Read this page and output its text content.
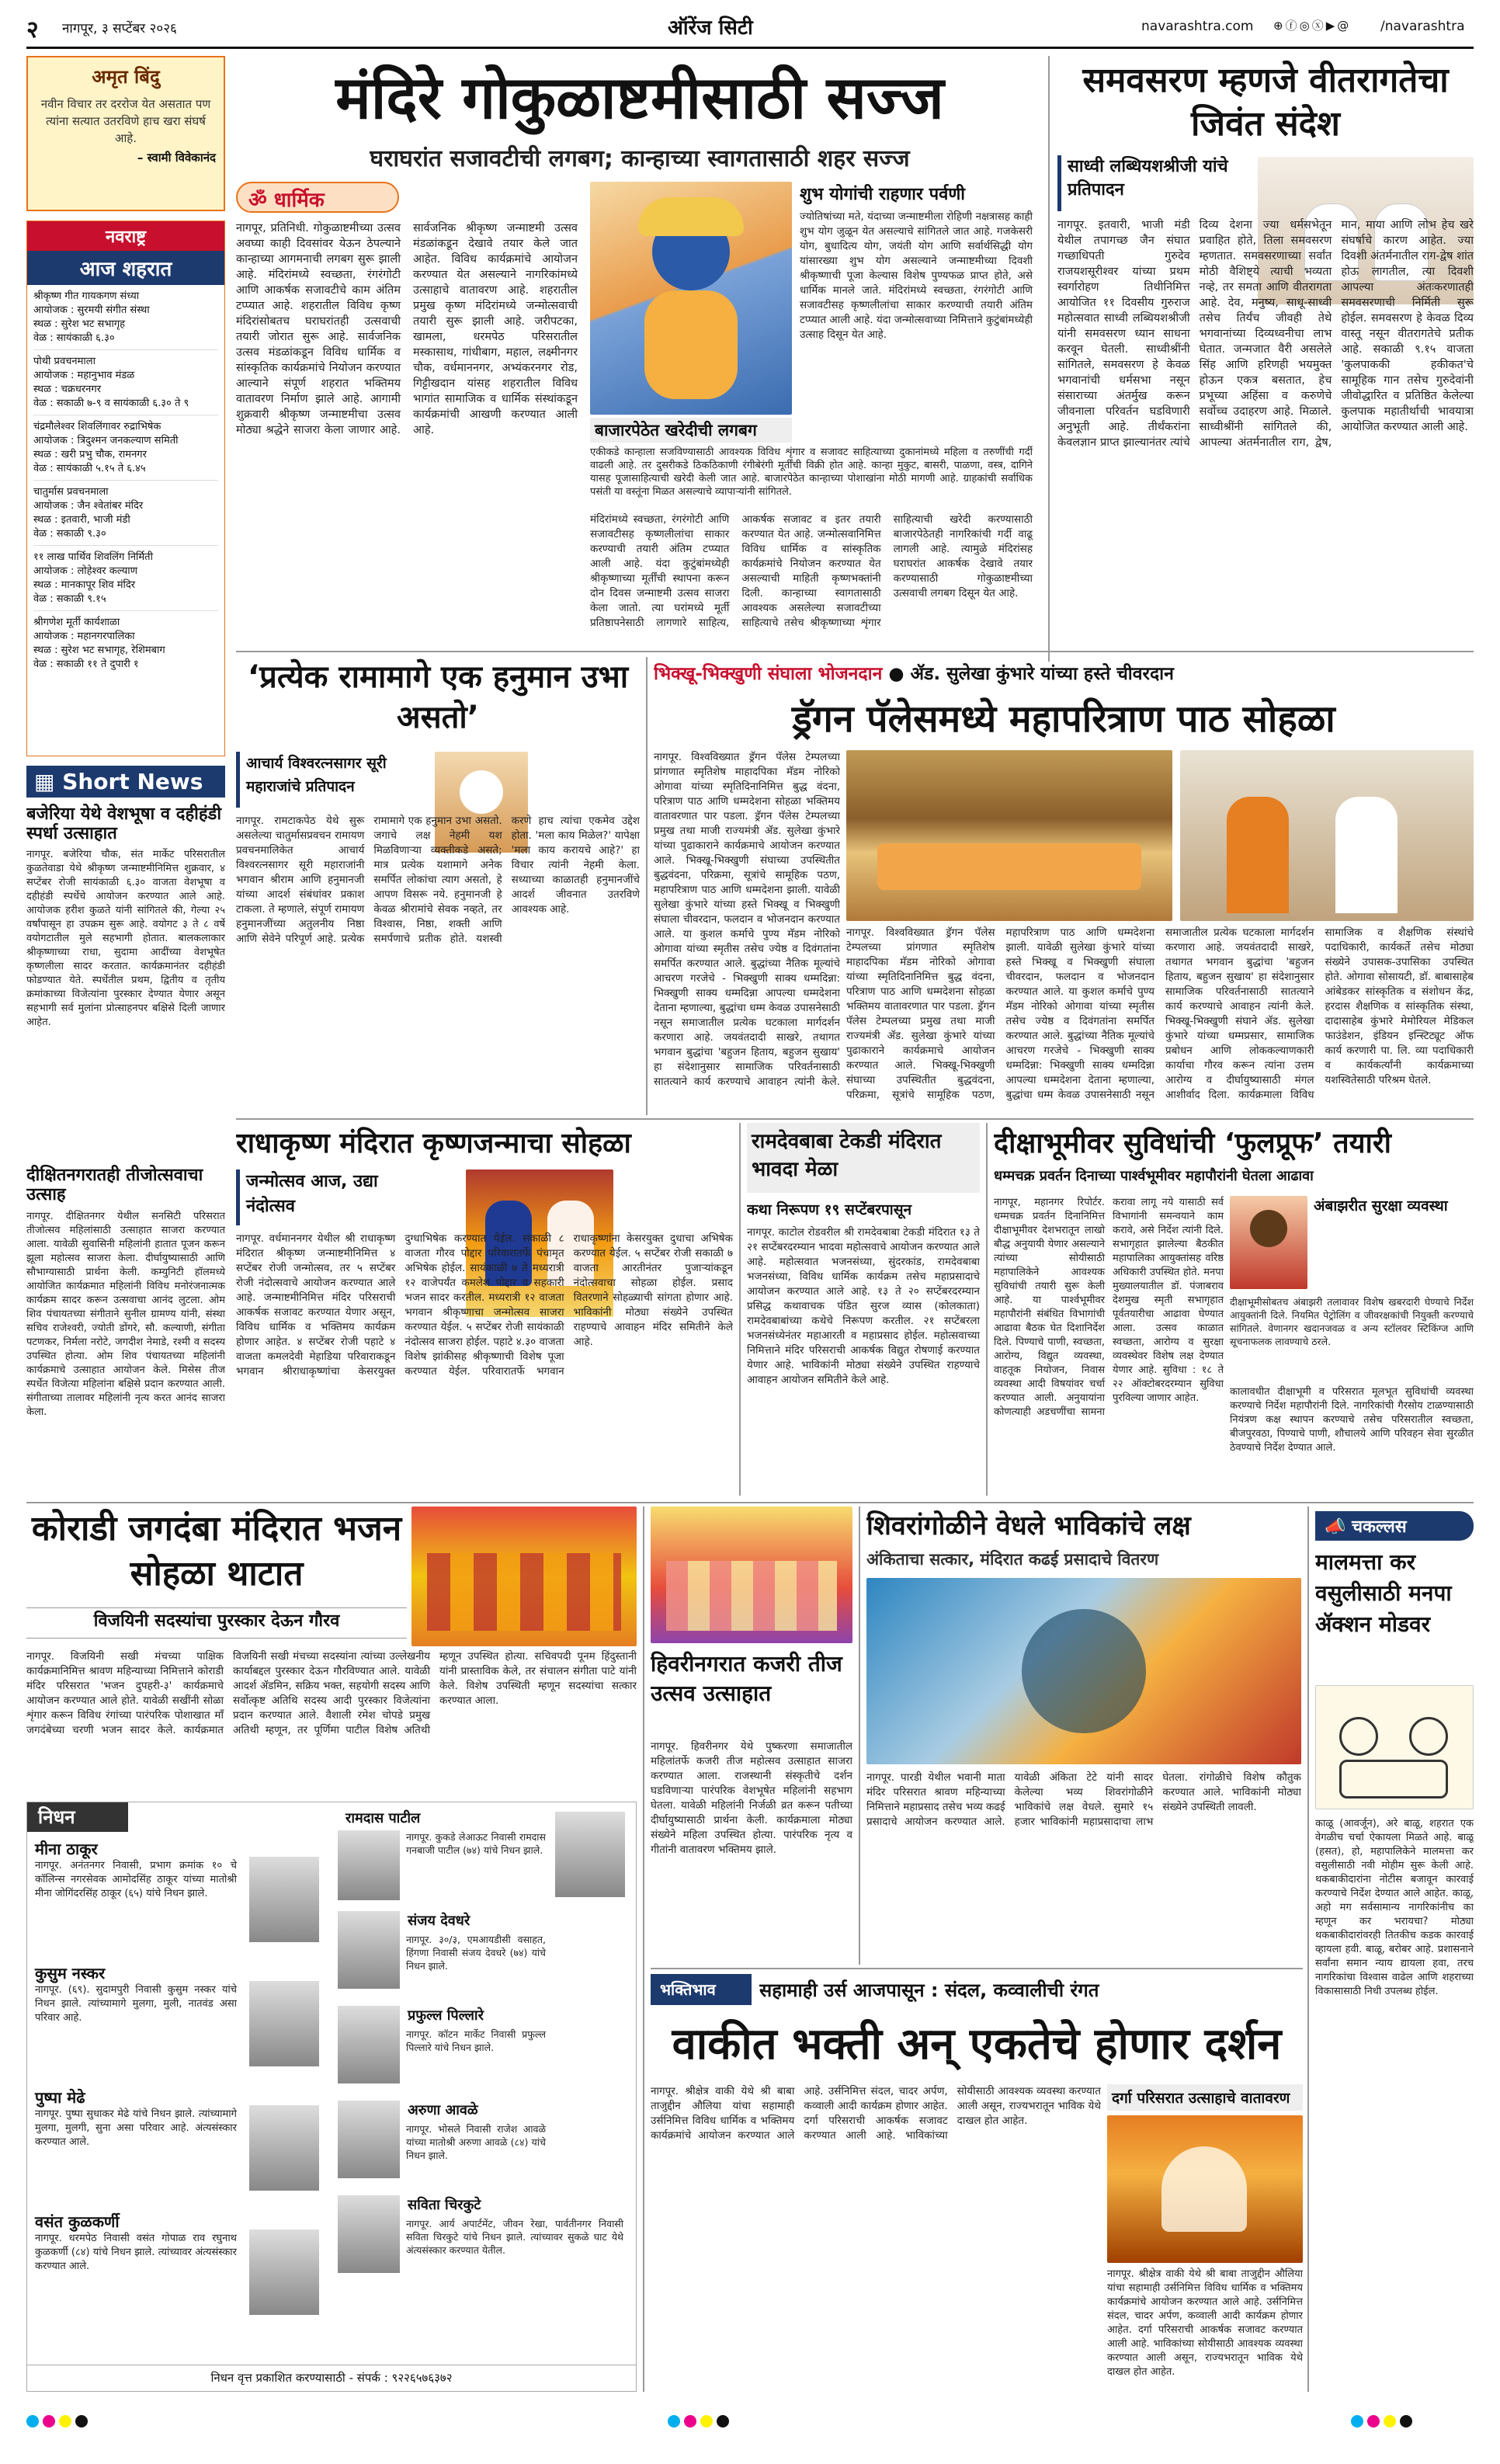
२ नागपूर, ३ सप्टेंबर २०२६	ऑरेंज सिटी	navarashtra.com ⊕ⓕ◎ⓧ▶@ /navarashtra
अमृत बिंदु
नवीन विचार तर दररोज येत असतात पण त्यांना सत्यात उतरविणे हाच खरा संघर्ष आहे.
– स्वामी विवेकानंद
नवराष्ट्र
आज शहरात
श्रीकृष्ण गीत गायकगण संध्या
आयोजक : सुरमयी संगीत संस्था
स्थळ : सुरेश भट सभागृह
वेळ : सायंकाळी ६.३०
पोथी प्रवचनमाला
आयोजक : महानुभाव मंडळ
स्थळ : चक्रधरनगर
वेळ : सकाळी ७-९ व सायंकाळी ६.३० ते ९
चंद्रमौलेश्वर शिवलिंगावर रुद्राभिषेक
आयोजक : त्रिदुश्मन जनकल्याण समिती
स्थळ : खरी प्रभु चौक, रामनगर
वेळ : सायंकाळी ५.१५ ते ६.४५
चातुर्मास प्रवचनमाला
आयोजक : जैन श्वेतांबर मंदिर
स्थळ : इतवारी, भाजी मंडी
वेळ : सकाळी ९.३०
११ लाख पार्थिव शिवलिंग निर्मिती
आयोजक : लोहेश्वर कल्याण
स्थळ : मानकापूर शिव मंदिर
वेळ : सकाळी ९.१५
श्रीगणेश मूर्ती कार्यशाळा
आयोजक : महानगरपालिका
स्थळ : सुरेश भट सभागृह, रेशिमबाग
वेळ : सकाळी ११ ते दुपारी १
▦ Short News
बजेरिया येथे वेशभूषा व दहीहंडी स्पर्धा उत्साहात
नागपूर. बजेरिया चौक, संत मार्केट परिसरातील कुळतेवाडा येथे श्रीकृष्ण जन्माष्टमीनिमित्त शुक्रवार, ४ सप्टेंबर रोजी सायंकाळी ६.३० वाजता वेशभूषा व दहीहंडी स्पर्धेचे आयोजन करण्यात आले आहे. आयोजक हरीश कुळते यांनी सांगितले की, गेल्या २५ वर्षांपासून हा उपक्रम सुरू आहे. वयोगट ३ ते ८ वर्षे वयोगटातील मुले सहभागी होतात. बालकलाकार श्रीकृष्णाच्या राधा, सुदामा आदींच्या वेशभूषेत कृष्णलीला सादर करतात. कार्यक्रमानंतर दहीहंडी फोडण्यात येते. स्पर्धेतील प्रथम, द्वितीय व तृतीय क्रमांकाच्या विजेत्यांना पुरस्कार देण्यात येणार असून सहभागी सर्व मुलांना प्रोत्साहनपर बक्षिसे दिली जाणार आहेत.
दीक्षितनगरातही तीजोत्सवाचा उत्साह
नागपूर. दीक्षितनगर येथील सनसिटी परिसरात तीजोत्सव महिलांसाठी उत्साहात साजरा करण्यात आला. यावेळी सुवासिनी महिलांनी हातात पूजन करून झूला महोत्सव साजरा केला. दीर्घायुष्यासाठी आणि सौभाग्यासाठी प्रार्थना केली. कम्युनिटी हॉलमध्ये आयोजित कार्यक्रमात महिलांनी विविध मनोरंजनात्मक कार्यक्रम सादर करून उत्सवाचा आनंद लुटला. ओम शिव पंचायतच्या संगीताने सुनील ग्रामण्य यांनी, संस्था सचिव राजेश्वरी, ज्योती डोंगरे, सौ. कल्याणी, संगीता पटणकर, निर्मला नरोटे, जगदीश नेमाडे, रश्मी व सदस्य उपस्थित होत्या. ओम शिव पंचायतच्या महिलांनी कार्यक्रमाचे उत्साहात आयोजन केले. मिसेस तीज स्पर्धेत विजेत्या महिलांना बक्षिसे प्रदान करण्यात आली. संगीताच्या तालावर महिलांनी नृत्य करत आनंद साजरा केला.
मंदिरे गोकुळाष्टमीसाठी सज्ज
घराघरांत सजावटीची लगबग; कान्हाच्या स्वागतासाठी शहर सज्ज
ॐ धार्मिक
नागपूर, प्रतिनिधी. गोकुळाष्टमीच्या उत्सव अवघ्या काही दिवसांवर येऊन ठेपल्याने कान्हाच्या आगमनाची लगबग सुरू झाली आहे. मंदिरांमध्ये स्वच्छता, रंगरंगोटी आणि आकर्षक सजावटीचे काम अंतिम टप्प्यात आहे. शहरातील विविध कृष्ण मंदिरांसोबतच घराघरांतही उत्सवाची तयारी जोरात सुरू आहे. सार्वजनिक उत्सव मंडळांकडून विविध धार्मिक व सांस्कृतिक कार्यक्रमांचे नियोजन करण्यात आल्याने संपूर्ण शहरात भक्तिमय वातावरण निर्माण झाले आहे. आगामी शुक्रवारी श्रीकृष्ण जन्माष्टमीचा उत्सव मोठ्या श्रद्धेने साजरा केला जाणार आहे. सार्वजनिक श्रीकृष्ण जन्माष्टमी उत्सव मंडळांकडून देखावे तयार केले जात आहेत. विविध कार्यक्रमांचे आयोजन करण्यात येत असल्याने नागरिकांमध्ये उत्साहाचे वातावरण आहे. शहरातील प्रमुख कृष्ण मंदिरांमध्ये जन्मोत्सवाची तयारी सुरू झाली आहे. जरीपटका, खामला, धरमपेठ परिसरातील मस्कासाथ, गांधीबाग, महाल, लक्ष्मीनगर चौक, वर्धमाननगर, अभ्यंकरनगर रोड, गिट्टीखदान यांसह शहरातील विविध भागांत सामाजिक व धार्मिक संस्थांकडून कार्यक्रमांची आखणी करण्यात आली आहे.
शुभ योगांची राहणार पर्वणी
ज्योतिषांच्या मते, यंदाच्या जन्माष्टमीला रोहिणी नक्षत्रासह काही शुभ योग जुळून येत असल्याचे सांगितले जात आहे. गजकेसरी योग, बुधादित्य योग, जयंती योग आणि सर्वार्थसिद्धी योग यांसारख्या शुभ योग असल्याने जन्माष्टमीच्या दिवशी श्रीकृष्णाची पूजा केल्यास विशेष पुण्यफळ प्राप्त होते, असे धार्मिक मानले जाते. मंदिरांमध्ये स्वच्छता, रंगरंगोटी आणि सजावटीसह कृष्णलीलांचा साकार करण्याची तयारी अंतिम टप्प्यात आली आहे. यंदा जन्मोत्सवाच्या निमित्ताने कुटुंबांमध्येही उत्साह दिसून येत आहे.
बाजारपेठेत खरेदीची लगबग
एकीकडे कान्हाला सजविण्यासाठी आवश्यक विविध शृंगार व सजावट साहित्याच्या दुकानांमध्ये महिला व तरुणींची गर्दी वाढली आहे. तर दुसरीकडे ठिकठिकाणी रंगीबेरंगी मूर्तींची विक्री होत आहे. कान्हा मुकुट, बासरी, पाळणा, वस्त्र, दागिने यासह पूजासाहित्याची खरेदी केली जात आहे. बाजारपेठेत कान्हाच्या पोशाखांना मोठी मागणी आहे. ग्राहकांची सर्वाधिक पसंती या वस्तूंना मिळत असल्याचे व्यापाऱ्यांनी सांगितले.
मंदिरांमध्ये स्वच्छता, रंगरंगोटी आणि सजावटीसह कृष्णलीलांचा साकार करण्याची तयारी अंतिम टप्प्यात आली आहे. यंदा कुटुंबांमध्येही श्रीकृष्णाच्या मूर्तींची स्थापना करून दोन दिवस जन्माष्टमी उत्सव साजरा केला जातो. त्या घरांमध्ये मूर्ती प्रतिष्ठापनेसाठी लागणारे साहित्य, आकर्षक सजावट व इतर तयारी करण्यात येत आहे. जन्मोत्सवानिमित्त विविध धार्मिक व सांस्कृतिक कार्यक्रमांचे नियोजन करण्यात येत असल्याची माहिती कृष्णभक्तांनी दिली. कान्हाच्या स्वागतासाठी आवश्यक असलेल्या सजावटीच्या साहित्याचे तसेच श्रीकृष्णाच्या शृंगार साहित्याची खरेदी करण्यासाठी बाजारपेठेतही नागरिकांची गर्दी वाढू लागली आहे. त्यामुळे मंदिरांसह घराघरांत आकर्षक देखावे तयार करण्यासाठी गोकुळाष्टमीच्या उत्सवाची लगबग दिसून येत आहे.
समवसरण म्हणजे वीतरागतेचा जिवंत संदेश
साध्वी लब्धियशश्रीजी यांचे प्रतिपादन
नागपूर. इतवारी, भाजी मंडी येथील तपागच्छ जैन संघात गच्छाधिपती गुरुदेव राजयशसूरीश्वर यांच्या प्रथम स्वर्गारोहण तिथीनिमित्त आयोजित ११ दिवसीय गुरुराज महोत्सवात साध्वी लब्धियशश्रीजी यांनी समवसरण ध्यान साधना करवून घेतली. साध्वीश्रींनी सांगितले, समवसरण हे केवळ भगवानांची धर्मसभा नसून संसाराच्या अंतर्मुख करून जीवनाला परिवर्तन घडविणारी अनुभूती आहे. तीर्थंकरांना केवलज्ञान प्राप्त झाल्यानंतर त्यांचे दिव्य देशना ज्या धर्मसभेतून प्रवाहित होते, तिला समवसरण म्हणतात. समवसरणाच्या सर्वांत मोठी वैशिष्ट्ये त्याची भव्यता नव्हे, तर समता आणि वीतरागता आहे. देव, मनुष्य, साधू-साध्वी तसेच तिर्यंच जीवही तेथे भगवानांच्या दिव्यध्वनीचा लाभ घेतात. जन्मजात वैरी असलेले सिंह आणि हरिणही भयमुक्त होऊन एकत्र बसतात, हेच प्रभूच्या अहिंसा व करुणेचे सर्वोच्च उदाहरण आहे. मिळाले. साध्वीश्रींनी सांगितले की, आपल्या अंतर्मनातील राग, द्वेष, मान, माया आणि लोभ हेच खरे संघर्षाचे कारण आहेत. ज्या दिवशी अंतर्मनातील राग-द्वेष शांत होऊ लागतील, त्या दिवशी आपल्या अंतःकरणातही समवसरणाची निर्मिती सुरू होईल. समवसरण हे केवळ दिव्य वास्तू नसून वीतरागतेचे प्रतीक आहे. सकाळी ९.१५ वाजता 'कुलपाककी हकीकत'चे सामूहिक गान तसेच गुरुदेवांनी जीवोद्धारित व प्रतिष्ठित केलेल्या कुलपाक महातीर्थाची भावयात्रा आयोजित करण्यात आली आहे.
‘प्रत्येक रामामागे एक हनुमान उभा असतो’
आचार्य विश्वरत्नसागर सूरी महाराजांचे प्रतिपादन
नागपूर. रामटाकपेठ येथे सुरू असलेल्या चातुर्मासप्रवचन रामायण प्रवचनमालिकेत आचार्य विश्वरत्नसागर सूरी महाराजांनी भगवान श्रीराम आणि हनुमानजी यांच्या आदर्श संबंधांवर प्रकाश टाकला. ते म्हणाले, संपूर्ण रामायण हनुमानजींच्या अतुलनीय निष्ठा आणि सेवेने परिपूर्ण आहे. प्रत्येक रामामागे एक हनुमान उभा असतो. जगाचे लक्ष नेहमी यश मिळविणाऱ्या व्यक्तीकडे असते; मात्र प्रत्येक यशामागे अनेक समर्पित लोकांचा त्याग असतो, हे आपण विसरू नये. हनुमानजी हे केवळ श्रीरामांचे सेवक नव्हते, तर विश्वास, निष्ठा, शक्ती आणि समर्पणाचे प्रतीक होते. यशस्वी करणे हाच त्यांचा एकमेव उद्देश होता. 'मला काय मिळेल?' यापेक्षा 'मला काय करायचे आहे?' हा विचार त्यांनी नेहमी केला. सध्याच्या काळातही हनुमानजींचे आदर्श जीवनात उतरविणे आवश्यक आहे.
भिक्खू-भिक्खुणी संघाला भोजनदान ● ॲड. सुलेखा कुंभारे यांच्या हस्ते चीवरदान
ड्रॅगन पॅलेसमध्ये महापरित्राण पाठ सोहळा
नागपूर. विश्वविख्यात ड्रॅगन पॅलेस टेम्पलच्या प्रांगणात स्मृतिशेष माहादपिका मॅडम नोरिको ओगावा यांच्या स्मृतिदिनानिमित्त बुद्ध वंदना, परित्राण पाठ आणि धम्मदेशना सोहळा भक्तिमय वातावरणात पार पडला. ड्रॅगन पॅलेस टेम्पलच्या प्रमुख तथा माजी राज्यमंत्री ॲड. सुलेखा कुंभारे यांच्या पुढाकाराने कार्यक्रमाचे आयोजन करण्यात आले. भिक्खू-भिक्खुणी संघाच्या उपस्थितीत बुद्धवंदना, परिक्रमा, सूत्रांचे सामूहिक पठण, महापरित्राण पाठ आणि धम्मदेशना झाली. यावेळी सुलेखा कुंभारे यांच्या हस्ते भिक्खू व भिक्खुणी संघाला चीवरदान, फलदान व भोजनदान करण्यात आले. या कुशल कर्माचे पुण्य मॅडम नोरिको ओगावा यांच्या स्मृतीस तसेच ज्येष्ठ व दिवंगतांना समर्पित करण्यात आले. बुद्धांच्या नैतिक मूल्यांचे आचरण गरजेचे - भिक्खुणी साक्य धम्मदिन्ना: भिक्खुणी साक्य धम्मदिन्ना आपल्या धम्मदेशना देताना म्हणाल्या, बुद्धांचा धम्म केवळ उपासनेसाठी नसून समाजातील प्रत्येक घटकाला मार्गदर्शन करणारा आहे. जयवंतदादी साखरे, तथागत भगवान बुद्धांचा 'बहुजन हिताय, बहुजन सुखाय' हा संदेशानुसार सामाजिक परिवर्तनासाठी सातत्याने कार्य करण्याचे आवाहन त्यांनी केले.
नागपूर. विश्वविख्यात ड्रॅगन पॅलेस टेम्पलच्या प्रांगणात स्मृतिशेष माहादपिका मॅडम नोरिको ओगावा यांच्या स्मृतिदिनानिमित्त बुद्ध वंदना, परित्राण पाठ आणि धम्मदेशना सोहळा भक्तिमय वातावरणात पार पडला. ड्रॅगन पॅलेस टेम्पलच्या प्रमुख तथा माजी राज्यमंत्री ॲड. सुलेखा कुंभारे यांच्या पुढाकाराने कार्यक्रमाचे आयोजन करण्यात आले. भिक्खू-भिक्खुणी संघाच्या उपस्थितीत बुद्धवंदना, परिक्रमा, सूत्रांचे सामूहिक पठण, महापरित्राण पाठ आणि धम्मदेशना झाली. यावेळी सुलेखा कुंभारे यांच्या हस्ते भिक्खू व भिक्खुणी संघाला चीवरदान, फलदान व भोजनदान करण्यात आले. या कुशल कर्माचे पुण्य मॅडम नोरिको ओगावा यांच्या स्मृतीस तसेच ज्येष्ठ व दिवंगतांना समर्पित करण्यात आले. बुद्धांच्या नैतिक मूल्यांचे आचरण गरजेचे - भिक्खुणी साक्य धम्मदिन्ना: भिक्खुणी साक्य धम्मदिन्ना आपल्या धम्मदेशना देताना म्हणाल्या, बुद्धांचा धम्म केवळ उपासनेसाठी नसून समाजातील प्रत्येक घटकाला मार्गदर्शन करणारा आहे. जयवंतदादी साखरे, तथागत भगवान बुद्धांचा 'बहुजन हिताय, बहुजन सुखाय' हा संदेशानुसार सामाजिक परिवर्तनासाठी सातत्याने कार्य करण्याचे आवाहन त्यांनी केले. भिक्खू-भिक्खुणी संघाने ॲड. सुलेखा कुंभारे यांच्या धम्मप्रसार, सामाजिक प्रबोधन आणि लोककल्याणकारी कार्याचा गौरव करून त्यांना उत्तम आरोग्य व दीर्घायुष्यासाठी मंगल आशीर्वाद दिला. कार्यक्रमाला विविध सामाजिक व शैक्षणिक संस्थांचे पदाधिकारी, कार्यकर्ते तसेच मोठ्या संख्येने उपासक-उपासिका उपस्थित होते. ओगावा सोसायटी, डॉ. बाबासाहेब आंबेडकर सांस्कृतिक व संशोधन केंद्र, हरदास शैक्षणिक व सांस्कृतिक संस्था, दादासाहेब कुंभारे मेमोरियल मेडिकल फाउंडेशन, इंडियन इन्स्टिट्यूट ऑफ कार्य करणारी पा. लि. व्या पदाधिकारी व कार्यकर्त्यांनी कार्यक्रमाच्या यशस्वितेसाठी परिश्रम घेतले.
राधाकृष्ण मंदिरात कृष्णजन्माचा सोहळा
जन्मोत्सव आज, उद्या नंदोत्सव
नागपूर. वर्धमाननगर येथील श्री राधाकृष्ण मंदिरात श्रीकृष्ण जन्माष्टमीनिमित्त ४ सप्टेंबर रोजी जन्मोत्सव, तर ५ सप्टेंबर रोजी नंदोत्सवाचे आयोजन करण्यात आले आहे. जन्माष्टमीनिमित्त मंदिर परिसराची आकर्षक सजावट करण्यात येणार असून, विविध धार्मिक व भक्तिमय कार्यक्रम होणार आहेत. ४ सप्टेंबर रोजी पहाटे ४ वाजता कमलदेवी मेहाडिया परिवाराकडून भगवान श्रीराधाकृष्णांचा केसरयुक्त दुग्धाभिषेक करण्यात येईल. सकाळी ८ वाजता गौरव पोद्दार परिवारातर्फे पंचामृत अभिषेक होईल. सायंकाळी ७ ते मध्यरात्री १२ वाजेपर्यंत कमलेश पोद्दार व सहकारी भजन सादर करतील. मध्यरात्री १२ वाजता भगवान श्रीकृष्णाचा जन्मोत्सव साजरा करण्यात येईल. ५ सप्टेंबर रोजी सायंकाळी नंदोत्सव साजरा होईल. पहाटे ४.३० वाजता विशेष झांकीसह श्रीकृष्णाची विशेष पूजा करण्यात येईल. परिवारातर्फे भगवान राधाकृष्णांना केसरयुक्त दुधाचा अभिषेक करण्यात येईल. ५ सप्टेंबर रोजी सकाळी ७ वाजता आरतीनंतर पुजाऱ्यांकडून नंदोत्सवाचा सोहळा होईल. प्रसाद वितरणाने सोहळ्याची सांगता होणार आहे. भाविकांनी मोठ्या संख्येने उपस्थित राहण्याचे आवाहन मंदिर समितीने केले आहे.
रामदेवबाबा टेकडी मंदिरात भावदा मेळा
कथा निरूपण १९ सप्टेंबरपासून
नागपूर. काटोल रोडवरील श्री रामदेवबाबा टेकडी मंदिरात १३ ते २१ सप्टेंबरदरम्यान भादवा महोत्सवाचे आयोजन करण्यात आले आहे. महोत्सवात भजनसंध्या, सुंदरकांड, रामदेवबाबा भजनसंध्या, विविध धार्मिक कार्यक्रम तसेच महाप्रसादाचे आयोजन करण्यात आले आहे. १३ ते २० सप्टेंबरदरम्यान प्रसिद्ध कथावाचक पंडित सुरज व्यास (कोलकाता) रामदेवबाबांच्या कथेचे निरूपण करतील. २१ सप्टेंबरला भजनसंध्येनंतर महाआरती व महाप्रसाद होईल. महोत्सवाच्या निमित्ताने मंदिर परिसराची आकर्षक विद्युत रोषणाई करण्यात येणार आहे. भाविकांनी मोठ्या संख्येने उपस्थित राहण्याचे आवाहन आयोजन समितीने केले आहे.
दीक्षाभूमीवर सुविधांची ‘फुलप्रूफ’ तयारी
धम्मचक्र प्रवर्तन दिनाच्या पार्श्वभूमीवर महापौरांनी घेतला आढावा
नागपूर, महानगर रिपोर्टर. धम्मचक्र प्रवर्तन दिनानिमित्त दीक्षाभूमीवर देशभरातून लाखो बौद्ध अनुयायी येणार असल्याने त्यांच्या सोयीसाठी महापालिकेने आवश्यक सुविधांची तयारी सुरू केली आहे. या पार्श्वभूमीवर महापौरांनी संबंधित विभागांची आढावा बैठक घेत दिशानिर्देश दिले. पिण्याचे पाणी, स्वच्छता, आरोग्य, विद्युत व्यवस्था, वाहतूक नियोजन, निवास व्यवस्था आदी विषयांवर चर्चा करण्यात आली. अनुयायांना कोणत्याही अडचणींचा सामना करावा लागू नये यासाठी सर्व विभागांनी समन्वयाने काम करावे, असे निर्देश त्यांनी दिले. सभागृहात झालेल्या बैठकीत महापालिका आयुक्तांसह वरिष्ठ अधिकारी उपस्थित होते. मनपा मुख्यालयातील डॉ. पंजाबराव देशमुख स्मृती सभागृहात पूर्वतयारीचा आढावा घेण्यात आला. उत्सव काळात स्वच्छता, आरोग्य व सुरक्षा व्यवस्थेवर विशेष लक्ष देण्यात येणार आहे. सुविधा : १८ ते २२ ऑक्टोबरदरम्यान सुविधा पुरविल्या जाणार आहेत.
अंबाझरीत सुरक्षा व्यवस्था
दीक्षाभूमीसोबतच अंबाझरी तलावावर विशेष खबरदारी घेण्याचे निर्देश आयुक्तांनी दिले. नियमित पेट्रोलिंग व जीवरक्षकांची नियुक्ती करण्याचे सांगितले. वेणानगर खदानजवळ व अन्य स्टॉलवर स्टिकिंग्ज आणि सूचनाफलक लावण्याचे ठरले.
कालावधीत दीक्षाभूमी व परिसरात मूलभूत सुविधांची व्यवस्था करण्याचे निर्देश महापौरांनी दिले. नागरिकांची गैरसोय टाळण्यासाठी नियंत्रण कक्ष स्थापन करण्याचे तसेच परिसरातील स्वच्छता, बीजपुरवठा, पिण्याचे पाणी, शौचालये आणि परिवहन सेवा सुरळीत ठेवण्याचे निर्देश देण्यात आले.
कोराडी जगदंबा मंदिरात भजन सोहळा थाटात
विजयिनी सदस्यांचा पुरस्कार देऊन गौरव
नागपूर. विजयिनी सखी मंचच्या पाक्षिक कार्यक्रमानिमित्त श्रावण महिन्याच्या निमित्ताने कोराडी मंदिर परिसरात 'भजन दुपहरी-३' कार्यक्रमाचे आयोजन करण्यात आले होते. यावेळी सखींनी सोळा शृंगार करून विविध रंगांच्या पारंपरिक पोशाखात माँ जगदंबेच्या चरणी भजन सादर केले. कार्यक्रमात विजयिनी सखी मंचच्या सदस्यांना त्यांच्या उल्लेखनीय कार्याबद्दल पुरस्कार देऊन गौरविण्यात आले. यावेळी आदर्श ॲडमिन, सक्रिय भक्त, सहयोगी सदस्य आणि सर्वोत्कृष्ट अतिथि सदस्य आदी पुरस्कार विजेत्यांना प्रदान करण्यात आले. वैशाली रमेश चोपडे प्रमुख अतिथी म्हणून, तर पूर्णिमा पाटील विशेष अतिथी म्हणून उपस्थित होत्या. सचिवपदी पूनम हिंदुस्तानी यांनी प्रास्ताविक केले, तर संचालन संगीता पाटे यांनी केले. विशेष उपस्थिती म्हणून सदस्यांचा सत्कार करण्यात आला.
निधन
मीना ठाकूर
नागपूर. अनंतनगर निवासी, प्रभाग क्रमांक १० चे कॉलिन्स नगरसेवक आमोदसिंह ठाकूर यांच्या मातोश्री मीना जोगिंदरसिंह ठाकूर (६५) यांचे निधन झाले.
कुसुम नस्कर
नागपूर. (६९). सुदामपुरी निवासी कुसुम नस्कर यांचे निधन झाले. त्यांच्यामागे मुलगा, मुली, नातवंड असा परिवार आहे.
पुष्पा मेढे
नागपूर. पुष्पा सुधाकर मेढे यांचे निधन झाले. त्यांच्यामागे मुलगा, मुलगी, सुना असा परिवार आहे. अंत्यसंस्कार करण्यात आले.
वसंत कुळकर्णी
नागपूर. धरमपेठ निवासी वसंत गोपाळ राव रघुनाथ कुळकर्णी (८४) यांचे निधन झाले. त्यांच्यावर अंत्यसंस्कार करण्यात आले.
रामदास पाटील
नागपूर. कुकडे लेआऊट निवासी रामदास गनबाजी पाटील (७४) यांचे निधन झाले.
संजय देवधरे
नागपूर. ३०/३, एमआयडीसी वसाहत, हिंगणा निवासी संजय देवधरे (७४) यांचे निधन झाले.
प्रफुल्ल पिल्लारे
नागपूर. कॉटन मार्केट निवासी प्रफुल्ल पिल्लारे यांचे निधन झाले.
अरुणा आवळे
नागपूर. भोसले निवासी राजेश आवळे यांच्या मातोश्री अरुणा आवळे (८४) यांचे निधन झाले.
सविता चिरकुटे
नागपूर. आर्य अपार्टमेंट, जीवन रेखा, पार्वतीनगर निवासी सविता चिरकुटे यांचे निधन झाले. त्यांच्यावर सुकळे घाट येथे अंत्यसंस्कार करण्यात येतील.
निधन वृत्त प्रकाशित करण्यासाठी - संपर्क : ९२२६५७६३७२
हिवरीनगरात कजरी तीज उत्सव उत्साहात
नागपूर. हिवरीनगर येथे पुष्करणा समाजातील महिलांतर्फे कजरी तीज महोत्सव उत्साहात साजरा करण्यात आला. राजस्थानी संस्कृतीचे दर्शन घडविणाऱ्या पारंपरिक वेशभूषेत महिलांनी सहभाग घेतला. यावेळी महिलांनी निर्जळी व्रत करून पतीच्या दीर्घायुष्यासाठी प्रार्थना केली. कार्यक्रमाला मोठ्या संख्येने महिला उपस्थित होत्या. पारंपरिक नृत्य व गीतांनी वातावरण भक्तिमय झाले.
शिवरांगोळीने वेधले भाविकांचे लक्ष
अंकिताचा सत्कार, मंदिरात कढई प्रसादाचे वितरण
नागपूर. पारडी येथील भवानी माता मंदिर परिसरात श्रावण महिन्याच्या निमित्ताने महाप्रसाद तसेच भव्य कढई प्रसादाचे आयोजन करण्यात आले. यावेळी अंकिता टेटे यांनी सादर केलेल्या भव्य शिवरांगोळीने भाविकांचे लक्ष वेधले. सुमारे १५ हजार भाविकांनी महाप्रसादाचा लाभ घेतला. रांगोळीचे विशेष कौतुक करण्यात आले. भाविकांनी मोठ्या संख्येने उपस्थिती लावली.
📣 चकल्लस
मालमत्ता कर वसुलीसाठी मनपा ॲक्शन मोडवर
काळू (आवर्जून), अरे बाळू, शहरात एक वेगळीच चर्चा ऐकायला मिळते आहे. बाळू (हसत), हो, महापालिकेने मालमत्ता कर वसुलीसाठी नवी मोहीम सुरू केली आहे. थकबाकीदारांना नोटीस बजावून कारवाई करण्याचे निर्देश देण्यात आले आहेत. काळू, अहो मग सर्वसामान्य नागरिकांनीच का म्हणून कर भरायचा? मोठ्या थकबाकीदारांवरही तितकीच कडक कारवाई व्हायला हवी. बाळू, बरोबर आहे. प्रशासनाने सर्वांना समान न्याय द्यायला हवा, तरच नागरिकांचा विश्वास वाढेल आणि शहराच्या विकासासाठी निधी उपलब्ध होईल.
भक्तिभाव	सहामाही उर्स आजपासून : संदल, कव्वालीची रंगत
वाकीत भक्ती अन् एकतेचे होणार दर्शन
नागपूर. श्रीक्षेत्र वाकी येथे श्री बाबा ताजुद्दीन औलिया यांचा सहामाही उर्सनिमित्त विविध धार्मिक व भक्तिमय कार्यक्रमांचे आयोजन करण्यात आले आहे. उर्सनिमित्त संदल, चादर अर्पण, कव्वाली आदी कार्यक्रम होणार आहेत. दर्गा परिसराची आकर्षक सजावट करण्यात आली आहे. भाविकांच्या सोयीसाठी आवश्यक व्यवस्था करण्यात आली असून, राज्यभरातून भाविक येथे दाखल होत आहेत.
दर्गा परिसरात उत्साहाचे वातावरण
नागपूर. श्रीक्षेत्र वाकी येथे श्री बाबा ताजुद्दीन औलिया यांचा सहामाही उर्सनिमित्त विविध धार्मिक व भक्तिमय कार्यक्रमांचे आयोजन करण्यात आले आहे. उर्सनिमित्त संदल, चादर अर्पण, कव्वाली आदी कार्यक्रम होणार आहेत. दर्गा परिसराची आकर्षक सजावट करण्यात आली आहे. भाविकांच्या सोयीसाठी आवश्यक व्यवस्था करण्यात आली असून, राज्यभरातून भाविक येथे दाखल होत आहेत.
